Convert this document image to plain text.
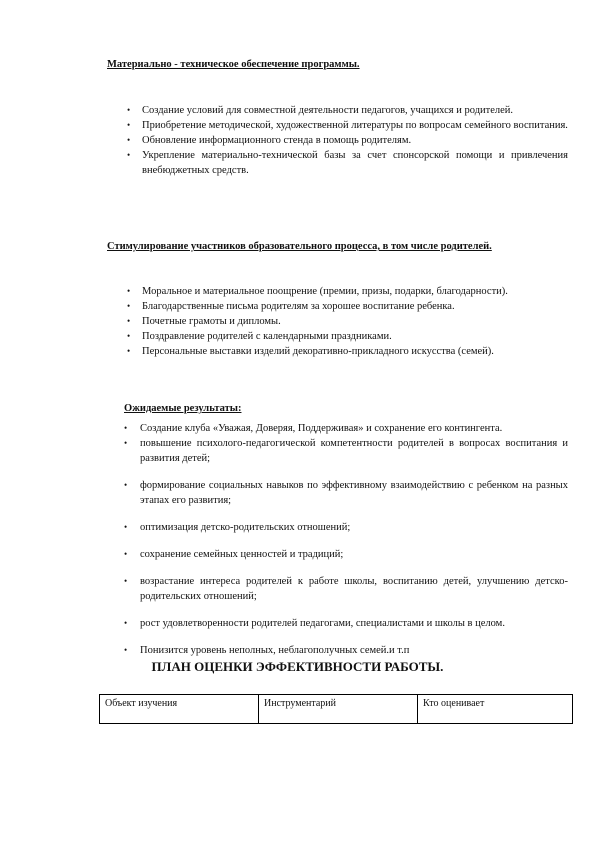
Материально - техническое обеспечение программы.
• Создание условий для совместной деятельности педагогов, учащихся и родителей.
• Приобретение методической, художественной литературы по вопросам семейного воспитания.
• Обновление информационного стенда в помощь родителям.
• Укрепление материально-технической базы за счет спонсорской помощи и привлечения внебюджетных средств.
Стимулирование участников образовательного процесса, в том числе родителей.
• Моральное и материальное поощрение (премии, призы, подарки, благодарности).
• Благодарственные письма родителям за хорошее воспитание ребенка.
• Почетные грамоты и дипломы.
• Поздравление родителей с календарными праздниками.
• Персональные выставки изделий декоративно-прикладного искусства (семей).
Ожидаемые результаты:
• Создание клуба «Уважая, Доверяя, Поддерживая» и сохранение его контингента.
• повышение психолого-педагогической компетентности родителей в вопросах воспитания и развития детей;
• формирование социальных навыков по эффективному взаимодействию с ребенком на разных этапах его развития;
• оптимизация детско-родительских отношений;
• сохранение семейных ценностей и традиций;
• возрастание интереса родителей к работе школы, воспитанию детей, улучшению детско-родительских отношений;
• рост удовлетворенности родителей педагогами, специалистами и школы в целом.
• Понизится уровень неполных, неблагополучных семей.и т.п
ПЛАН ОЦЕНКИ ЭФФЕКТИВНОСТИ РАБОТЫ.
Объект изучения	Инструментарий	Кто оценивает
